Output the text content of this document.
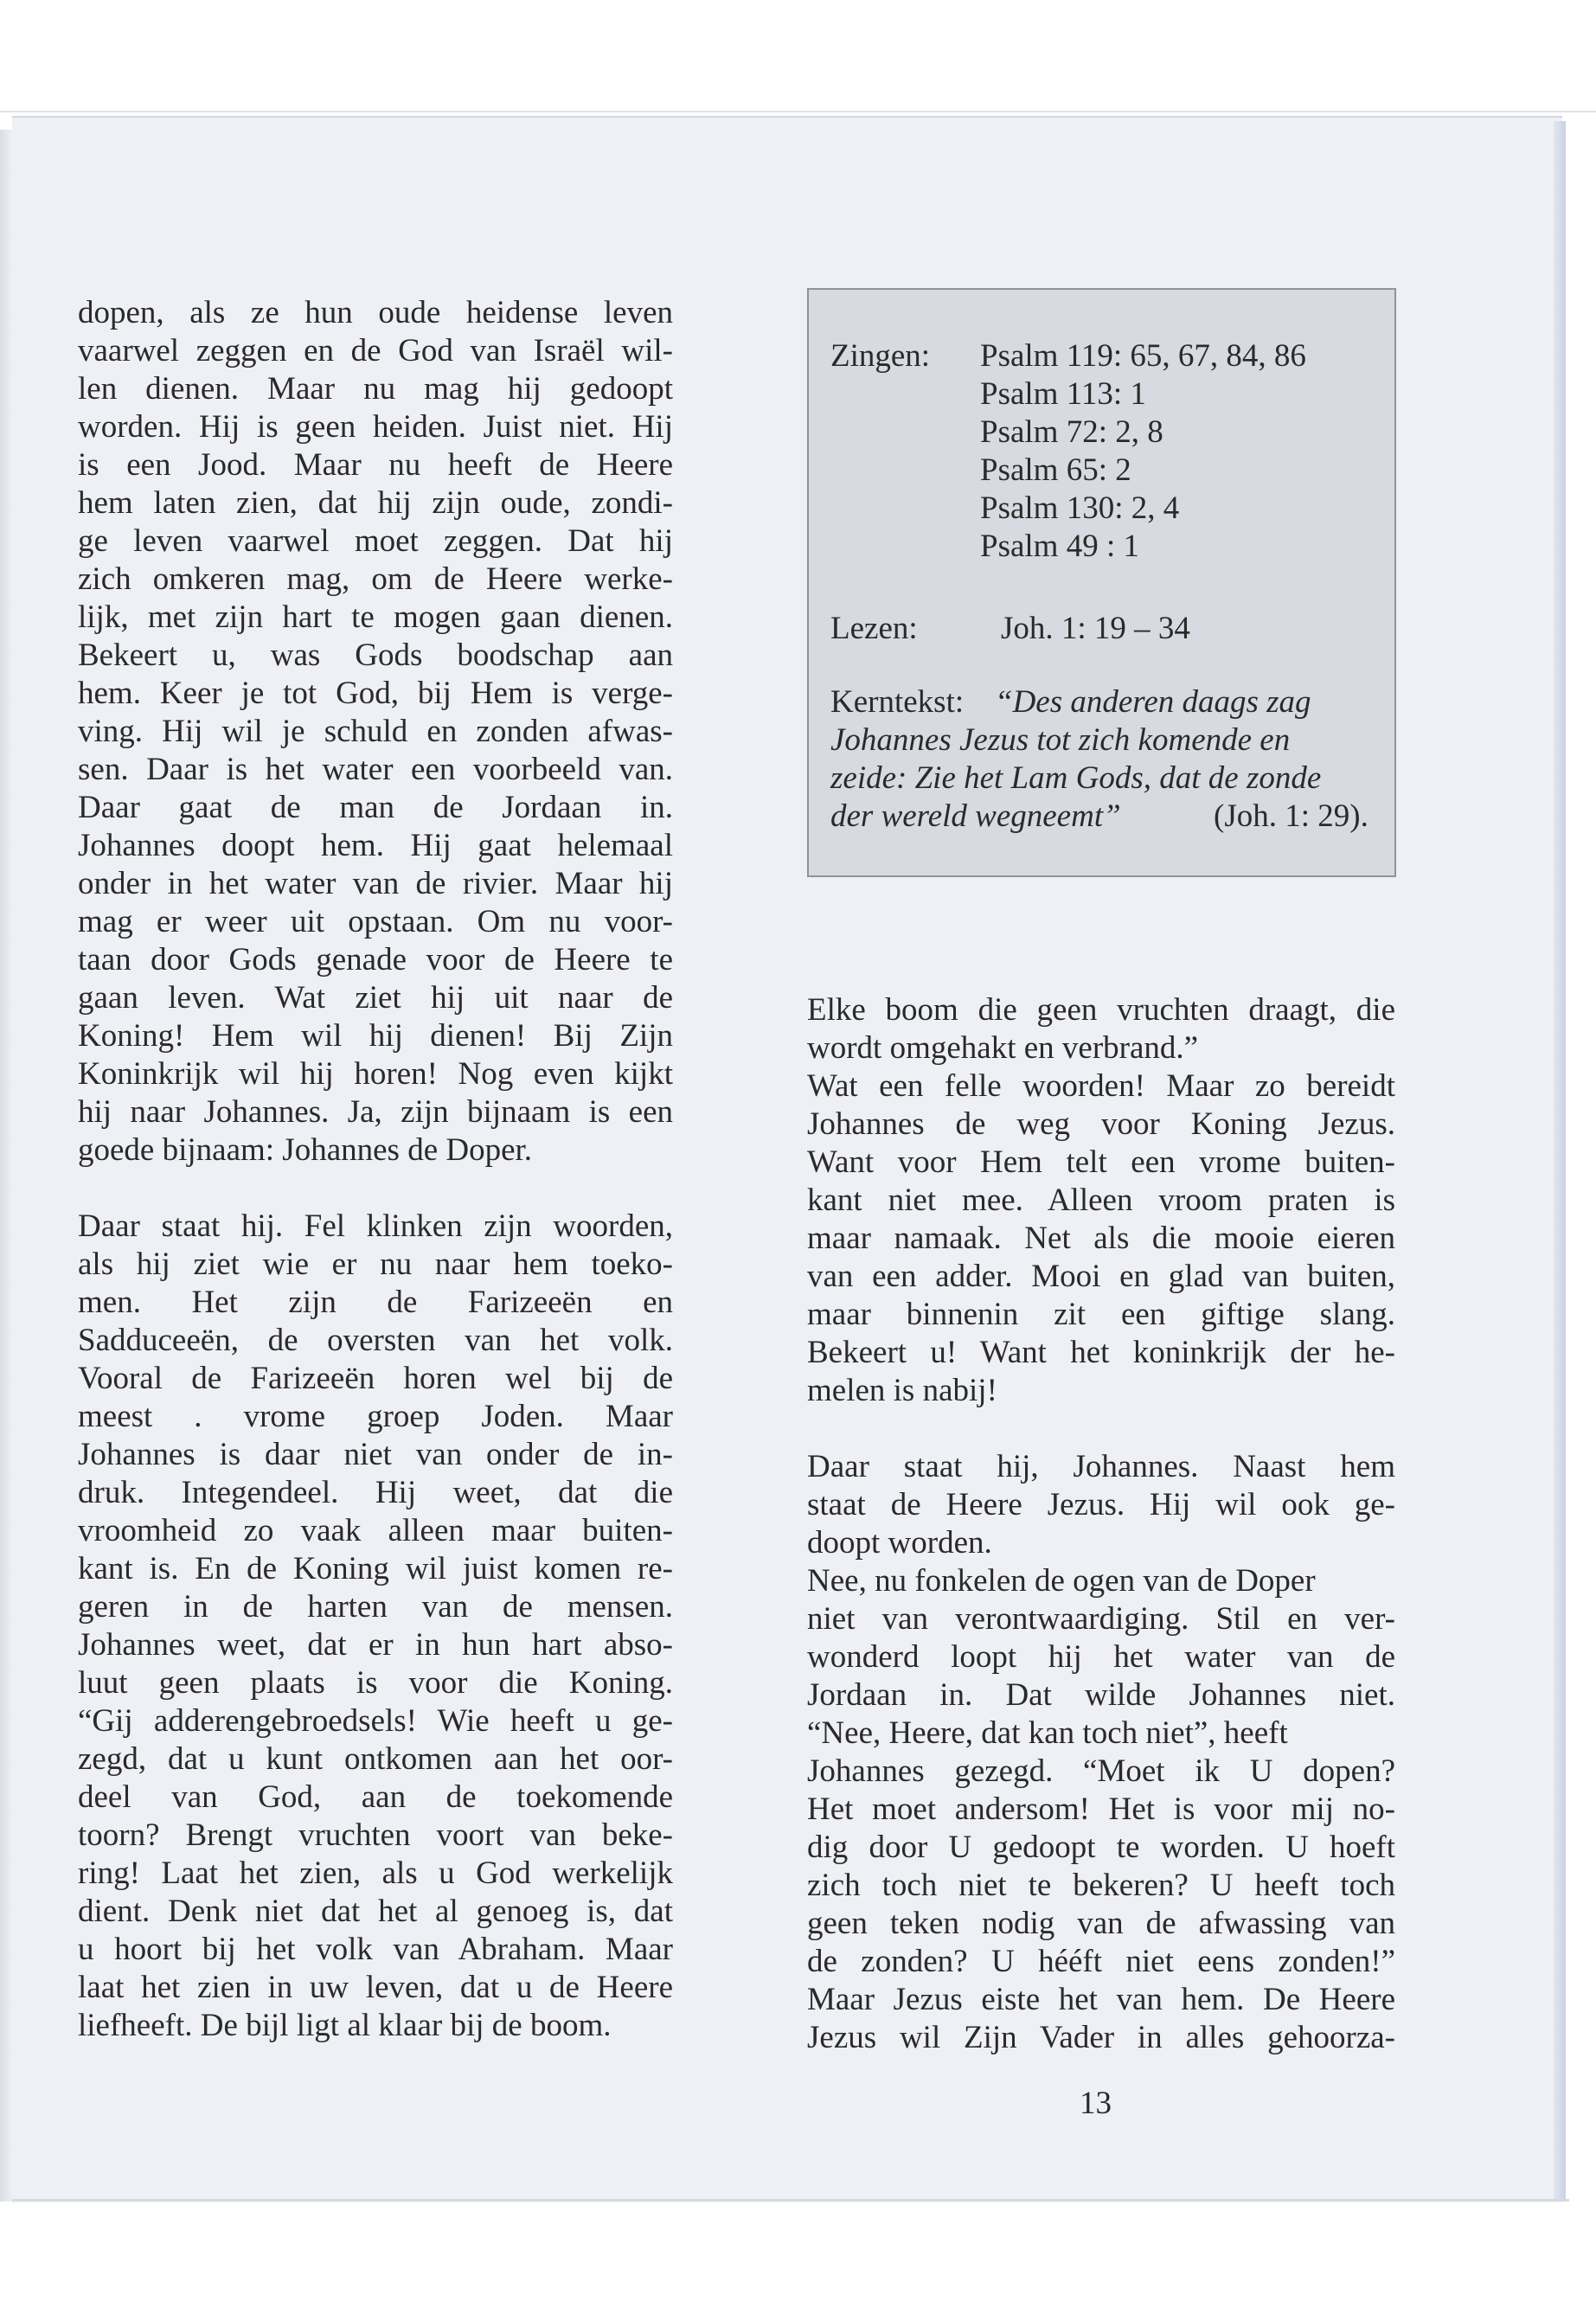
dopen, als ze hun oude heidense leven
vaarwel zeggen en de God van Israël wil-
len dienen. Maar nu mag hij gedoopt
worden. Hij is geen heiden. Juist niet. Hij
is een Jood. Maar nu heeft de Heere
hem laten zien, dat hij zijn oude, zondi-
ge leven vaarwel moet zeggen. Dat hij
zich omkeren mag, om de Heere werke-
lijk, met zijn hart te mogen gaan dienen.
Bekeert u, was Gods boodschap aan
hem. Keer je tot God, bij Hem is verge-
ving. Hij wil je schuld en zonden afwas-
sen. Daar is het water een voorbeeld van.
Daar gaat de man de Jordaan in.
Johannes doopt hem. Hij gaat helemaal
onder in het water van de rivier. Maar hij
mag er weer uit opstaan. Om nu voor-
taan door Gods genade voor de Heere te
gaan leven. Wat ziet hij uit naar de
Koning! Hem wil hij dienen! Bij Zijn
Koninkrijk wil hij horen! Nog even kijkt
hij naar Johannes. Ja, zijn bijnaam is een
goede bijnaam: Johannes de Doper.
Daar staat hij. Fel klinken zijn woorden,
als hij ziet wie er nu naar hem toeko-
men. Het zijn de Farizeeën en
Sadduceeën, de oversten van het volk.
Vooral de Farizeeën horen wel bij de
meest . vrome groep Joden. Maar
Johannes is daar niet van onder de in-
druk. Integendeel. Hij weet, dat die
vroomheid zo vaak alleen maar buiten-
kant is. En de Koning wil juist komen re-
geren in de harten van de mensen.
Johannes weet, dat er in hun hart abso-
luut geen plaats is voor die Koning.
“Gij adderengebroedsels! Wie heeft u ge-
zegd, dat u kunt ontkomen aan het oor-
deel van God, aan de toekomende
toorn? Brengt vruchten voort van beke-
ring! Laat het zien, als u God werkelijk
dient. Denk niet dat het al genoeg is, dat
u hoort bij het volk van Abraham. Maar
laat het zien in uw leven, dat u de Heere
liefheeft. De bijl ligt al klaar bij de boom.
Zingen: Psalm 119: 65, 67, 84, 86
Psalm 113: 1
Psalm 72: 2, 8
Psalm 65: 2
Psalm 130: 2, 4
Psalm 49 : 1
Lezen:	Joh. 1: 19 – 34
Kerntekst: “Des anderen daags zag
Johannes Jezus tot zich komende en
zeide: Zie het Lam Gods, dat de zonde
der wereld wegneemt”	(Joh. 1: 29).
Elke boom die geen vruchten draagt, die
wordt omgehakt en verbrand.”
Wat een felle woorden! Maar zo bereidt
Johannes de weg voor Koning Jezus.
Want voor Hem telt een vrome buiten-
kant niet mee. Alleen vroom praten is
maar namaak. Net als die mooie eieren
van een adder. Mooi en glad van buiten,
maar binnenin zit een giftige slang.
Bekeert u! Want het koninkrijk der he-
melen is nabij!
Daar staat hij, Johannes. Naast hem
staat de Heere Jezus. Hij wil ook ge-
doopt worden.
Nee, nu fonkelen de ogen van de Doper
niet van verontwaardiging. Stil en ver-
wonderd loopt hij het water van de
Jordaan in. Dat wilde Johannes niet.
“Nee, Heere, dat kan toch niet”, heeft
Johannes gezegd. “Moet ik U dopen?
Het moet andersom! Het is voor mij no-
dig door U gedoopt te worden. U hoeft
zich toch niet te bekeren? U heeft toch
geen teken nodig van de afwassing van
de zonden? U hééft niet eens zonden!”
Maar Jezus eiste het van hem. De Heere
Jezus wil Zijn Vader in alles gehoorza-
13
